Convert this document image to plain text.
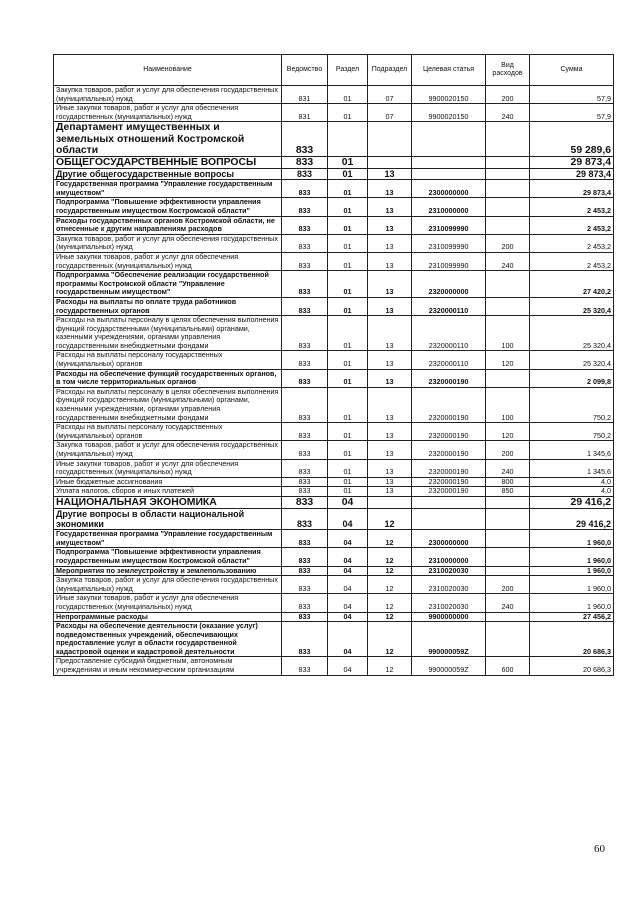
Наименование	Ведомство	Раздел	Подраздел	Целевая статья	Вид расходов	Сумма
Закупка товаров, работ и услуг для обеспечения государственных (муниципальных) нужд	831	01	07	9900020150	200	57,9
Иные закупки товаров, работ и услуг для обеспечения государственных (муниципальных) нужд	831	01	07	9900020150	240	57,9
Департамент имущественных и земельных отношений Костромской области	833					59 289,6
ОБЩЕГОСУДАРСТВЕННЫЕ ВОПРОСЫ	833	01				29 873,4
Другие общегосударственные вопросы	833	01	13			29 873,4
Государственная программа "Управление государственным имуществом"	833	01	13	2300000000		29 873,4
Подпрограмма "Повышение эффективности управления государственным имуществом Костромской области"	833	01	13	2310000000		2 453,2
Расходы государственных органов Костромской области, не отнесенные к другим направлениям расходов	833	01	13	2310099990		2 453,2
Закупка товаров, работ и услуг для обеспечения государственных (муниципальных) нужд	833	01	13	2310099990	200	2 453,2
Иные закупки товаров, работ и услуг для обеспечения государственных (муниципальных) нужд	833	01	13	2310099990	240	2 453,2
Подпрограмма "Обеспечение реализации государственной программы Костромской области "Управление государственным имуществом"	833	01	13	2320000000		27 420,2
Расходы на выплаты по оплате труда работников государственных органов	833	01	13	2320000110		25 320,4
Расходы на выплаты персоналу в целях обеспечения выполнения функций государственными (муниципальными) органами, казенными учреждениями, органами управления государственными внебюджетными фондами	833	01	13	2320000110	100	25 320,4
Расходы на выплаты персоналу государственных (муниципальных) органов	833	01	13	2320000110	120	25 320,4
Расходы на обеспечение функций государственных органов, в том числе территориальных органов	833	01	13	2320000190		2 099,8
Расходы на выплаты персоналу в целях обеспечения выполнения функций государственными (муниципальными) органами, казенными учреждениями, органами управления государственными внебюджетными фондами	833	01	13	2320000190	100	750,2
Расходы на выплаты персоналу государственных (муниципальных) органов	833	01	13	2320000190	120	750,2
Закупка товаров, работ и услуг для обеспечения государственных (муниципальных) нужд	833	01	13	2320000190	200	1 345,6
Иные закупки товаров, работ и услуг для обеспечения государственных (муниципальных) нужд	833	01	13	2320000190	240	1 345,6
Иные бюджетные ассигнования	833	01	13	2320000190	800	4,0
Уплата налогов, сборов и иных платежей	833	01	13	2320000190	850	4,0
НАЦИОНАЛЬНАЯ ЭКОНОМИКА	833	04				29 416,2
Другие вопросы в области национальной экономики	833	04	12			29 416,2
Государственная программа "Управление государственным имуществом"	833	04	12	2300000000		1 960,0
Подпрограмма "Повышение эффективности управления государственным имуществом Костромской области"	833	04	12	2310000000		1 960,0
Мероприятия по землеустройству и землепользованию	833	04	12	2310020030		1 960,0
Закупка товаров, работ и услуг для обеспечения государственных (муниципальных) нужд	833	04	12	2310020030	200	1 960,0
Иные закупки товаров, работ и услуг для обеспечения государственных (муниципальных) нужд	833	04	12	2310020030	240	1 960,0
Непрограммные расходы	833	04	12	9900000000		27 456,2
Расходы на обеспечение деятельности (оказание услуг) подведомственных учреждений, обеспечивающих предоставление услуг в области государственной кадастровой оценки и кадастровой деятельности	833	04	12	990000059Z		20 686,3
Предоставление субсидий бюджетным, автономным учреждениям и иным некоммерческим организациям	833	04	12	990000059Z	600	20 686,3
60
